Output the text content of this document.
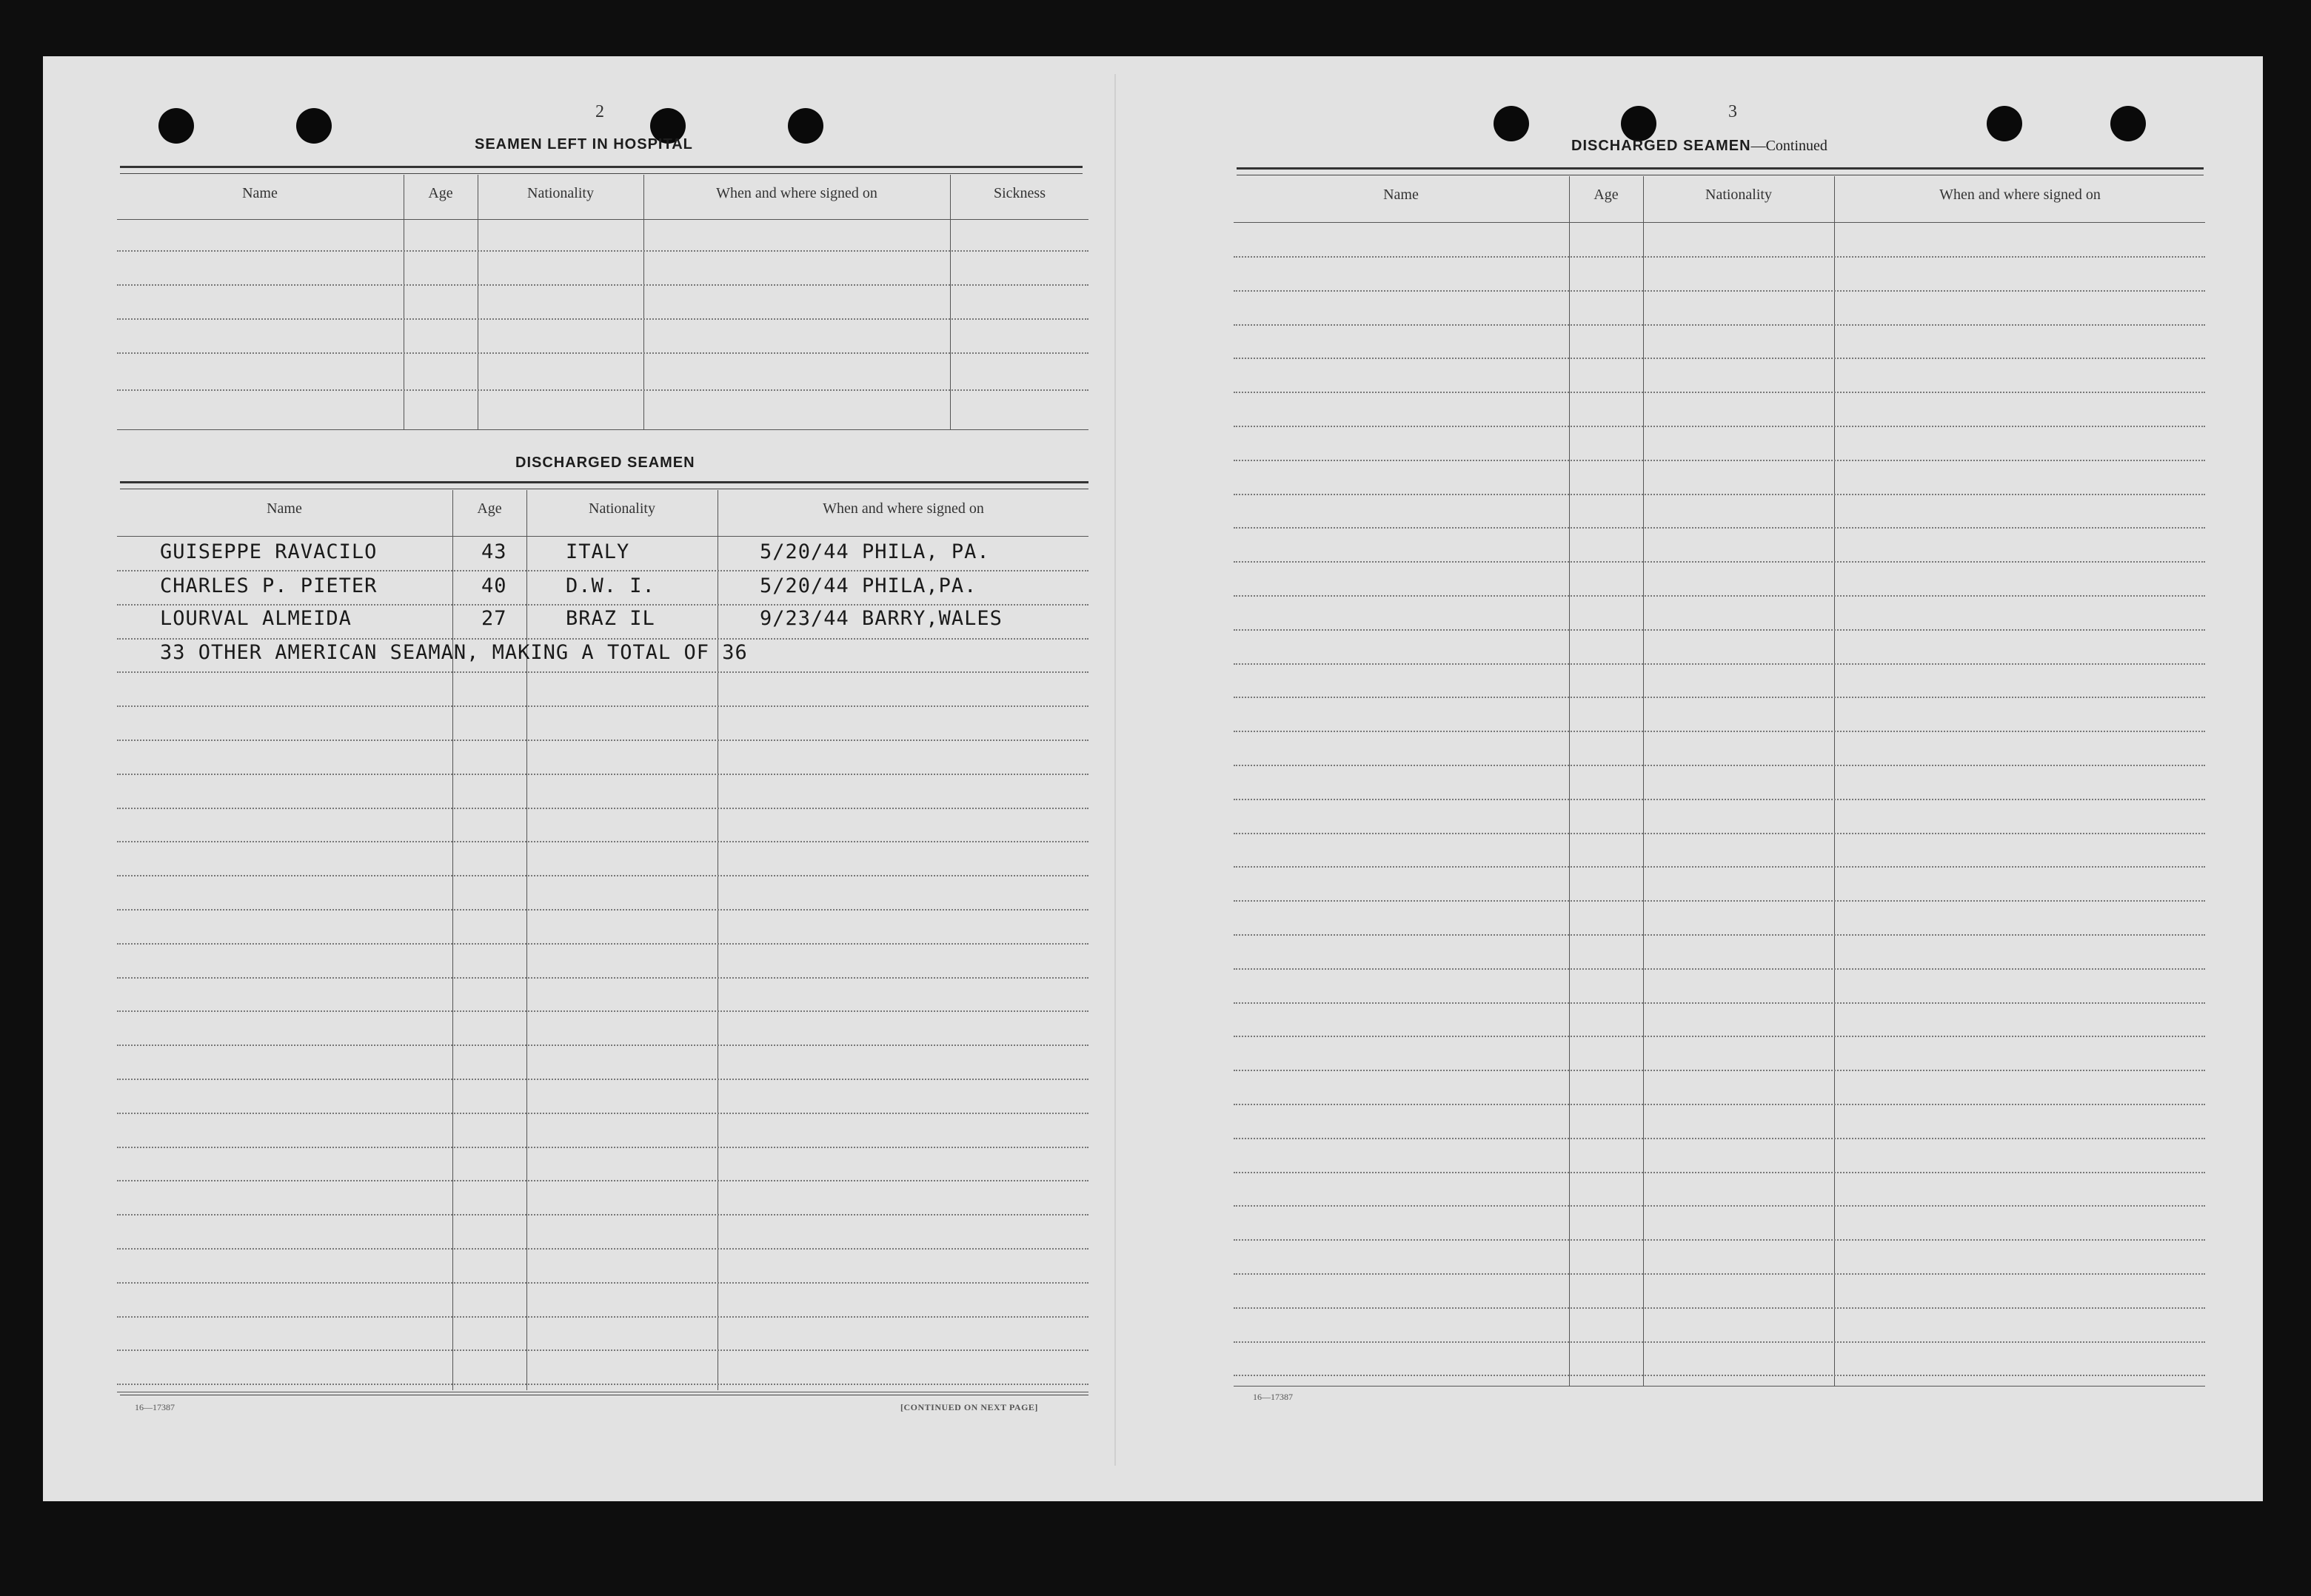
2
SEAMEN LEFT IN HOSPITAL
Name	Age	Nationality	When and where signed on	Sickness
DISCHARGED SEAMEN
Name	Age	Nationality	When and where signed on
GUISEPPE RAVACILO	43	ITALY	5/20/44 PHILA, PA.
CHARLES P. PIETER	40	D.W. I.	5/20/44 PHILA,PA.
LOURVAL ALMEIDA	27	BRAZ IL	9/23/44 BARRY,WALES
33 OTHER AMERICAN SEAMAN, MAKING A TOTAL OF 36
16—17387	[CONTINUED ON NEXT PAGE]
3
DISCHARGED SEAMEN—Continued
Name	Age	Nationality	When and where signed on
16—17387
